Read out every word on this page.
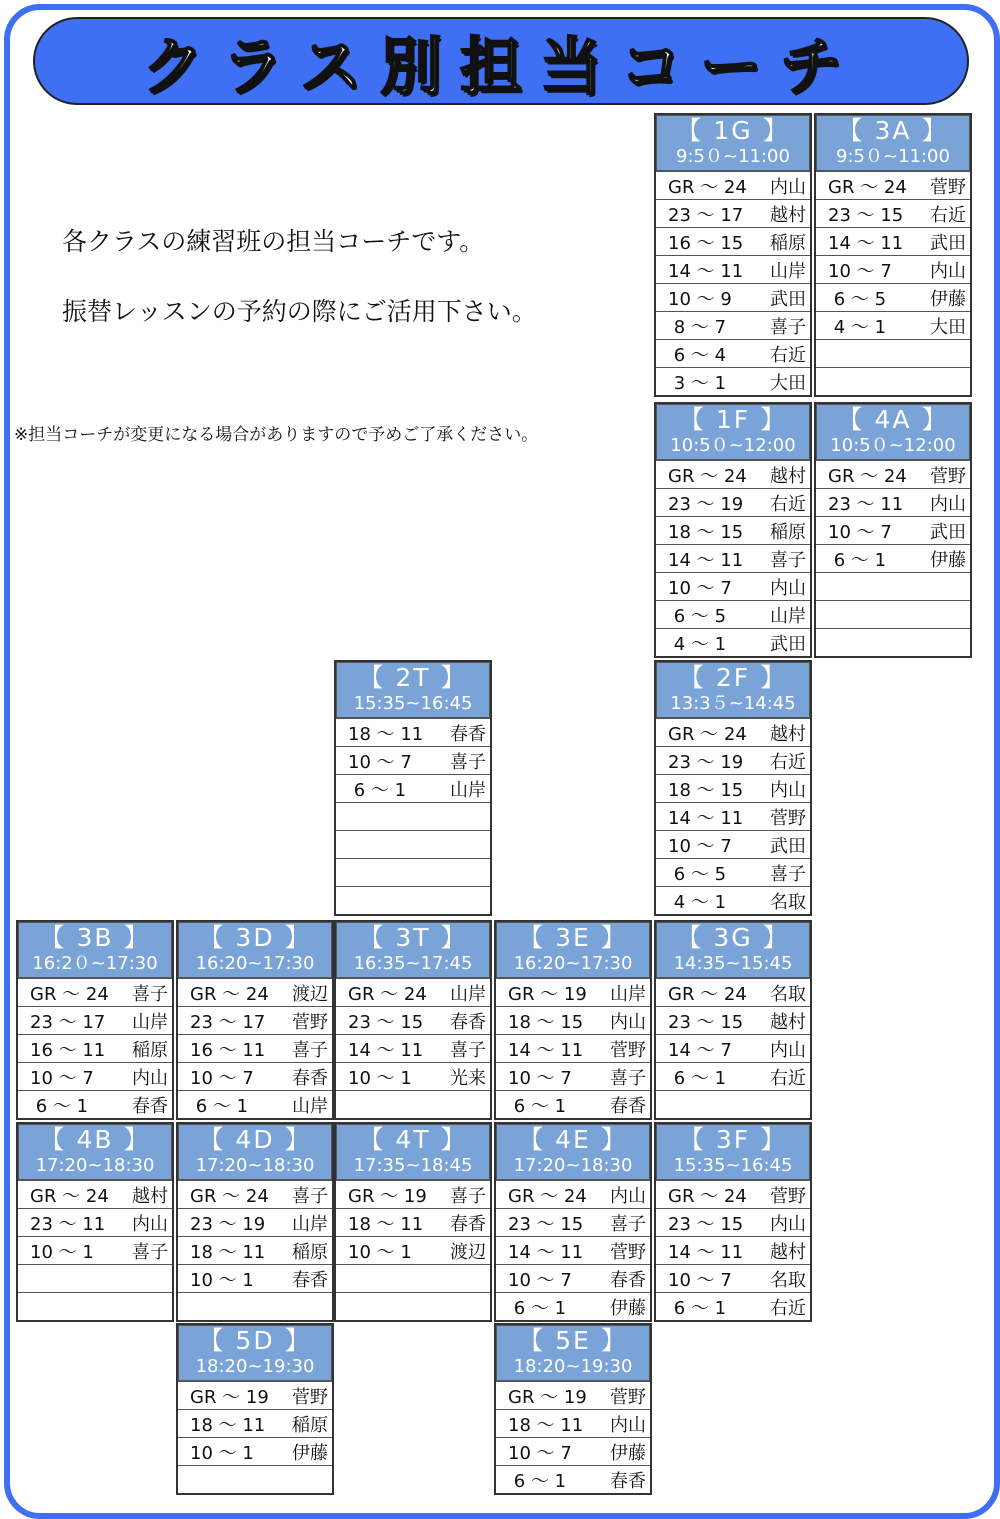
クラス別担当コーチ
各クラスの練習班の担当コーチです。
振替レッスンの予約の際にご活用下さい。
※担当コーチが変更になる場合がありますので予めご了承ください。
【 1G 】
9:5０~11:00
GR ～ 24 内山
23 ～ 17 越村
16 ～ 15 稲原
14 ～ 11 山岸
10 ～ 9 武田
8 ～ 7 喜子
6 ～ 4 右近
3 ～ 1 大田
【 3A 】
9:5０~11:00
GR ～ 24 菅野
23 ～ 15 右近
14 ～ 11 武田
10 ～ 7 内山
6 ～ 5 伊藤
4 ～ 1 大田
【 1F 】
10:5０~12:00
GR ～ 24 越村
23 ～ 19 右近
18 ～ 15 稲原
14 ～ 11 喜子
10 ～ 7 内山
6 ～ 5 山岸
4 ～ 1 武田
【 4A 】
10:5０~12:00
GR ～ 24 菅野
23 ～ 11 内山
10 ～ 7 武田
6 ～ 1 伊藤
【 2T 】
15:35~16:45
18 ～ 11 春香
10 ～ 7 喜子
6 ～ 1 山岸
【 2F 】
13:3５~14:45
GR ～ 24 越村
23 ～ 19 右近
18 ～ 15 内山
14 ～ 11 菅野
10 ～ 7 武田
6 ～ 5 喜子
4 ～ 1 名取
【 3B 】
16:2０~17:30
GR ～ 24 喜子
23 ～ 17 山岸
16 ～ 11 稲原
10 ～ 7 内山
6 ～ 1 春香
【 3D 】
16:20~17:30
GR ～ 24 渡辺
23 ～ 17 菅野
16 ～ 11 喜子
10 ～ 7 春香
6 ～ 1 山岸
【 3T 】
16:35~17:45
GR ～ 24 山岸
23 ～ 15 春香
14 ～ 11 喜子
10 ～ 1 光来
【 3E 】
16:20~17:30
GR ～ 19 山岸
18 ～ 15 内山
14 ～ 11 菅野
10 ～ 7 喜子
6 ～ 1 春香
【 3G 】
14:35~15:45
GR ～ 24 名取
23 ～ 15 越村
14 ～ 7 内山
6 ～ 1 右近
【 4B 】
17:20~18:30
GR ～ 24 越村
23 ～ 11 内山
10 ～ 1 喜子
【 4D 】
17:20~18:30
GR ～ 24 喜子
23 ～ 19 山岸
18 ～ 11 稲原
10 ～ 1 春香
【 4T 】
17:35~18:45
GR ～ 19 喜子
18 ～ 11 春香
10 ～ 1 渡辺
【 4E 】
17:20~18:30
GR ～ 24 内山
23 ～ 15 喜子
14 ～ 11 菅野
10 ～ 7 春香
6 ～ 1 伊藤
【 3F 】
15:35~16:45
GR ～ 24 菅野
23 ～ 15 内山
14 ～ 11 越村
10 ～ 7 名取
6 ～ 1 右近
【 5D 】
18:20~19:30
GR ～ 19 菅野
18 ～ 11 稲原
10 ～ 1 伊藤
【 5E 】
18:20~19:30
GR ～ 19 菅野
18 ～ 11 内山
10 ～ 7 伊藤
6 ～ 1 春香
